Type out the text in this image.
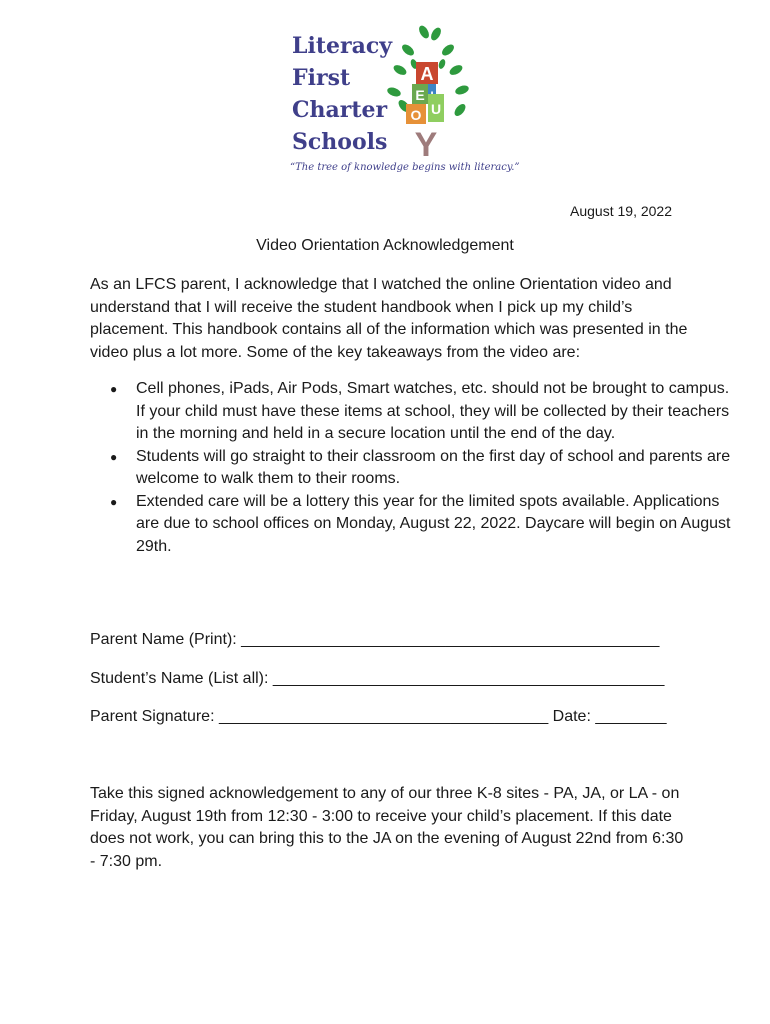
Literacy
First
Charter
Schools
A
E
O U
Y
“The tree of knowledge begins with literacy.”
August 19, 2022
Video Orientation Acknowledgement

As an LFCS parent, I acknowledge that I watched the online Orientation video and understand that I will receive the student handbook when I pick up my child’s placement. This handbook contains all of the information which was presented in the video plus a lot more. Some of the key takeaways from the video are:

● Cell phones, iPads, Air Pods, Smart watches, etc. should not be brought to campus. If your child must have these items at school, they will be collected by their teachers in the morning and held in a secure location until the end of the day.
● Students will go straight to their classroom on the first day of school and parents are welcome to walk them to their rooms.
● Extended care will be a lottery this year for the limited spots available. Applications are due to school offices on Monday, August 22, 2022. Daycare will begin on August 29th.
Parent Name (Print): _______________________________________________
Student’s Name (List all): ____________________________________________
Parent Signature: _____________________________________ Date: ________

Take this signed acknowledgement to any of our three K-8 sites - PA, JA, or LA - on Friday, August 19th from 12:30 - 3:00 to receive your child’s placement. If this date does not work, you can bring this to the JA on the evening of August 22nd from 6:30 - 7:30 pm.
